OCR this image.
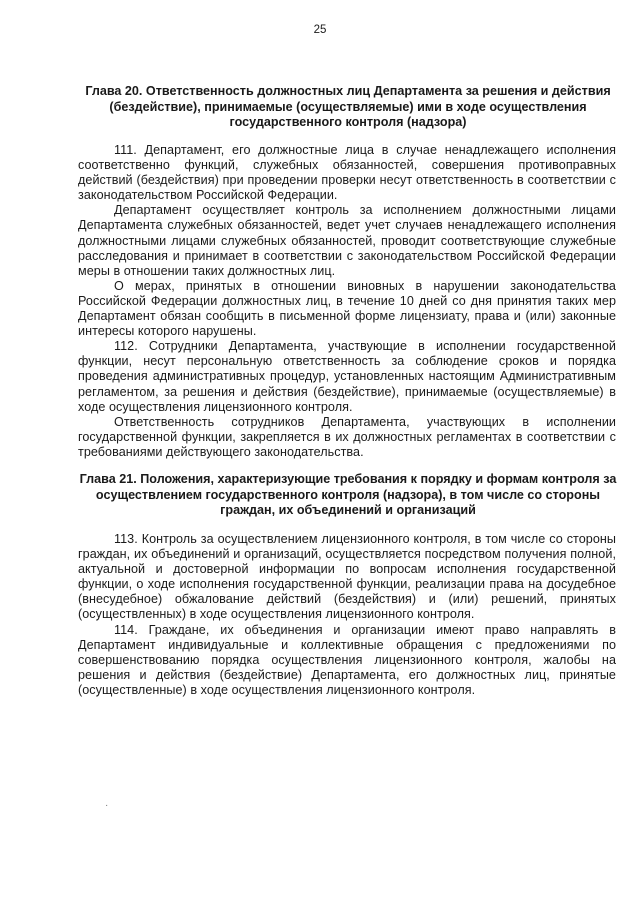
25
Глава 20. Ответственность должностных лиц Департамента за решения и действия (бездействие), принимаемые (осуществляемые) ими в ходе осуществления государственного контроля (надзора)

111. Департамент, его должностные лица в случае ненадлежащего исполнения соответственно функций, служебных обязанностей, совершения противоправных действий (бездействия) при проведении проверки несут ответственность в соответствии с законодательством Российской Федерации.

Департамент осуществляет контроль за исполнением должностными лицами Департамента служебных обязанностей, ведет учет случаев ненадлежащего исполнения должностными лицами служебных обязанностей, проводит соответствующие служебные расследования и принимает в соответствии с законодательством Российской Федерации меры в отношении таких должностных лиц.

О мерах, принятых в отношении виновных в нарушении законодательства Российской Федерации должностных лиц, в течение 10 дней со дня принятия таких мер Департамент обязан сообщить в письменной форме лицензиату, права и (или) законные интересы которого нарушены.

112. Сотрудники Департамента, участвующие в исполнении государственной функции, несут персональную ответственность за соблюдение сроков и порядка проведения административных процедур, установленных настоящим Административным регламентом, за решения и действия (бездействие), принимаемые (осуществляемые) в ходе осуществления лицензионного контроля.

Ответственность сотрудников Департамента, участвующих в исполнении государственной функции, закрепляется в их должностных регламентах в соответствии с требованиями действующего законодательства.

Глава 21. Положения, характеризующие требования к порядку и формам контроля за осуществлением государственного контроля (надзора), в том числе со стороны граждан, их объединений и организаций

113. Контроль за осуществлением лицензионного контроля, в том числе со стороны граждан, их объединений и организаций, осуществляется посредством получения полной, актуальной и достоверной информации по вопросам исполнения государственной функции, о ходе исполнения государственной функции, реализации права на досудебное (внесудебное) обжалование действий (бездействия) и (или) решений, принятых (осуществленных) в ходе осуществления лицензионного контроля.

114. Граждане, их объединения и организации имеют право направлять в Департамент индивидуальные и коллективные обращения с предложениями по совершенствованию порядка осуществления лицензионного контроля, жалобы на решения и действия (бездействие) Департамента, его должностных лиц, принятые (осуществленные) в ходе осуществления лицензионного контроля.

·
